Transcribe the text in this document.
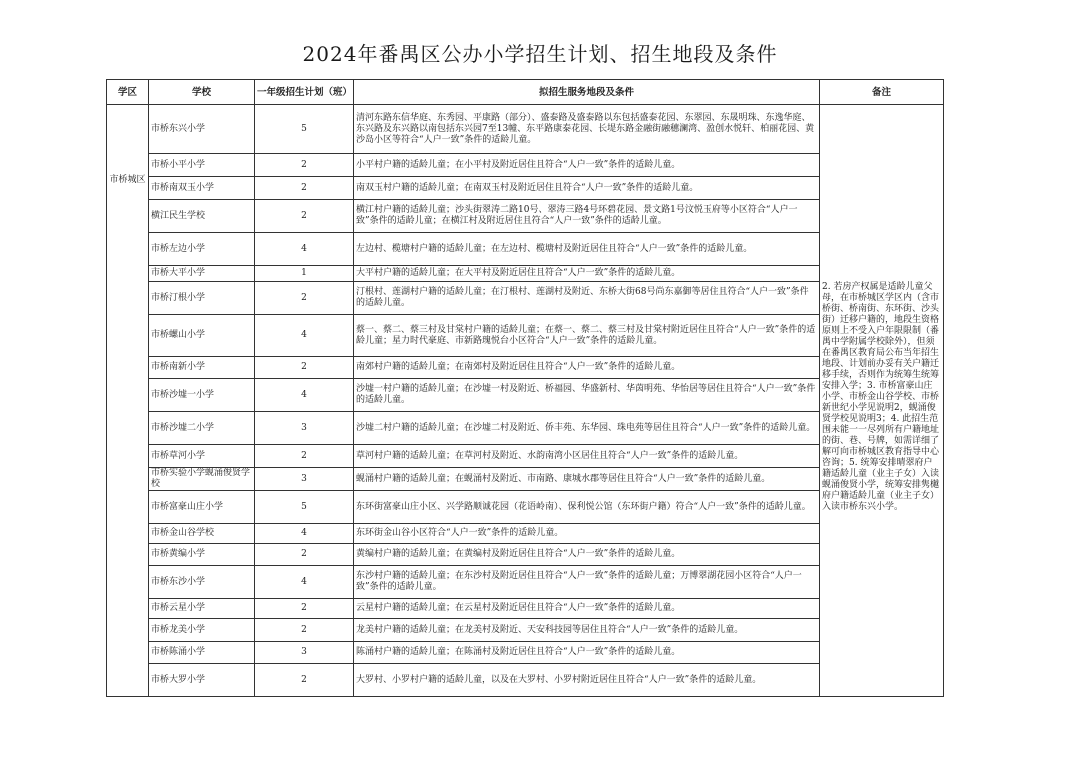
2024年番禺区公办小学招生计划、招生地段及条件
学区	学校	一年级招生计划（班）	拟招生服务地段及条件	备注
市桥城区	市桥东兴小学	5	清河东路东信华庭、东秀园、平康路（部分）、盛泰路及盛泰路以东包括盛泰花园、东翠园、东晟明珠、东逸华庭、东兴路及东兴路以南包括东兴园7至13幢、东平路康泰花园、长堤东路金融街融穗澜湾、盈创水悦轩、柏丽花园、黄沙岛小区等符合“人户一致”条件的适龄儿童。	2. 若房产权属是适龄儿童父母，在市桥城区学区内（含市桥街、桥南街、东环街、沙头街）迁移户籍的，地段生资格原则上不受入户年限限制（番禺中学附属学校除外），但须在番禺区教育局公布当年招生地段、计划前办妥有关户籍迁移手续，否则作为统筹生统筹安排入学；3. 市桥富豪山庄小学、市桥金山谷学校、市桥新世纪小学见说明2，蚬涌俊贤学校见说明3；4. 此招生范围未能一一尽列所有户籍地址的街、巷、号牌，如需详细了解可向市桥城区教育指导中心咨询；5. 统筹安排晴翠府户籍适龄儿童（业主子女）入读蚬涌俊贤小学，统筹安排隽樾府户籍适龄儿童（业主子女）入读市桥东兴小学。

	市桥小平小学	2	小平村户籍的适龄儿童；在小平村及附近居住且符合“人户一致”条件的适龄儿童。	
	市桥南双玉小学	2	南双玉村户籍的适龄儿童；在南双玉村及附近居住且符合“人户一致”条件的适龄儿童。	
	横江民生学校	2	横江村户籍的适龄儿童；沙头街翠涛二路10号、翠涛三路4号环碧花园、景文路1号汶悦玉府等小区符合“人户一致”条件的适龄儿童；在横江村及附近居住且符合“人户一致”条件的适龄儿童。	
	市桥左边小学	4	左边村、榄塘村户籍的适龄儿童；在左边村、榄塘村及附近居住且符合“人户一致”条件的适龄儿童。	
	市桥大平小学	1	大平村户籍的适龄儿童；在大平村及附近居住且符合“人户一致”条件的适龄儿童。	
	市桥汀根小学	2	汀根村、莲湖村户籍的适龄儿童；在汀根村、莲湖村及附近、东桥大街68号尚东嘉御等居住且符合“人户一致”条件的适龄儿童。	
	市桥螺山小学	4	蔡一、蔡二、蔡三村及甘棠村户籍的适龄儿童；在蔡一、蔡二、蔡三村及甘棠村附近居住且符合“人户一致”条件的适龄儿童；星力时代豪庭、市新路瑰悦台小区符合“人户一致”条件的适龄儿童。	
	市桥南新小学	2	南郊村户籍的适龄儿童；在南郊村及附近居住且符合“人户一致”条件的适龄儿童。	
	市桥沙墟一小学	4	沙墟一村户籍的适龄儿童；在沙墟一村及附近、桥福园、华盛新村、华茵明苑、华怡居等居住且符合“人户一致”条件的适龄儿童。	
	市桥沙墟二小学	3	沙墟二村户籍的适龄儿童；在沙墟二村及附近、侨丰苑、东华园、珠电苑等居住且符合“人户一致”条件的适龄儿童。	
	市桥草河小学	2	草河村户籍的适龄儿童；在草河村及附近、水韵南湾小区居住且符合“人户一致”条件的适龄儿童。	
	市桥实验小学蚬涌俊贤学校	3	蚬涌村户籍的适龄儿童；在蚬涌村及附近、市南路、康城水郡等居住且符合“人户一致”条件的适龄儿童。	
	市桥富豪山庄小学	5	东环街富豪山庄小区、兴学路顺诚花园（花语岭南）、保利悦公馆（东环街户籍）符合“人户一致”条件的适龄儿童。	
	市桥金山谷学校	4	东环街金山谷小区符合“人户一致”条件的适龄儿童。	
	市桥黄编小学	2	黄编村户籍的适龄儿童；在黄编村及附近居住且符合“人户一致”条件的适龄儿童。	
	市桥东沙小学	4	东沙村户籍的适龄儿童；在东沙村及附近居住且符合“人户一致”条件的适龄儿童；万博翠湖花园小区符合“人户一致”条件的适龄儿童。	
	市桥云星小学	2	云星村户籍的适龄儿童；在云星村及附近居住且符合“人户一致”条件的适龄儿童。	
	市桥龙美小学	2	龙美村户籍的适龄儿童；在龙美村及附近、天安科技园等居住且符合“人户一致”条件的适龄儿童。	
	市桥陈涌小学	3	陈涌村户籍的适龄儿童；在陈涌村及附近居住且符合“人户一致”条件的适龄儿童。	
	市桥大罗小学	2	大罗村、小罗村户籍的适龄儿童，以及在大罗村、小罗村附近居住且符合“人户一致”条件的适龄儿童。	
